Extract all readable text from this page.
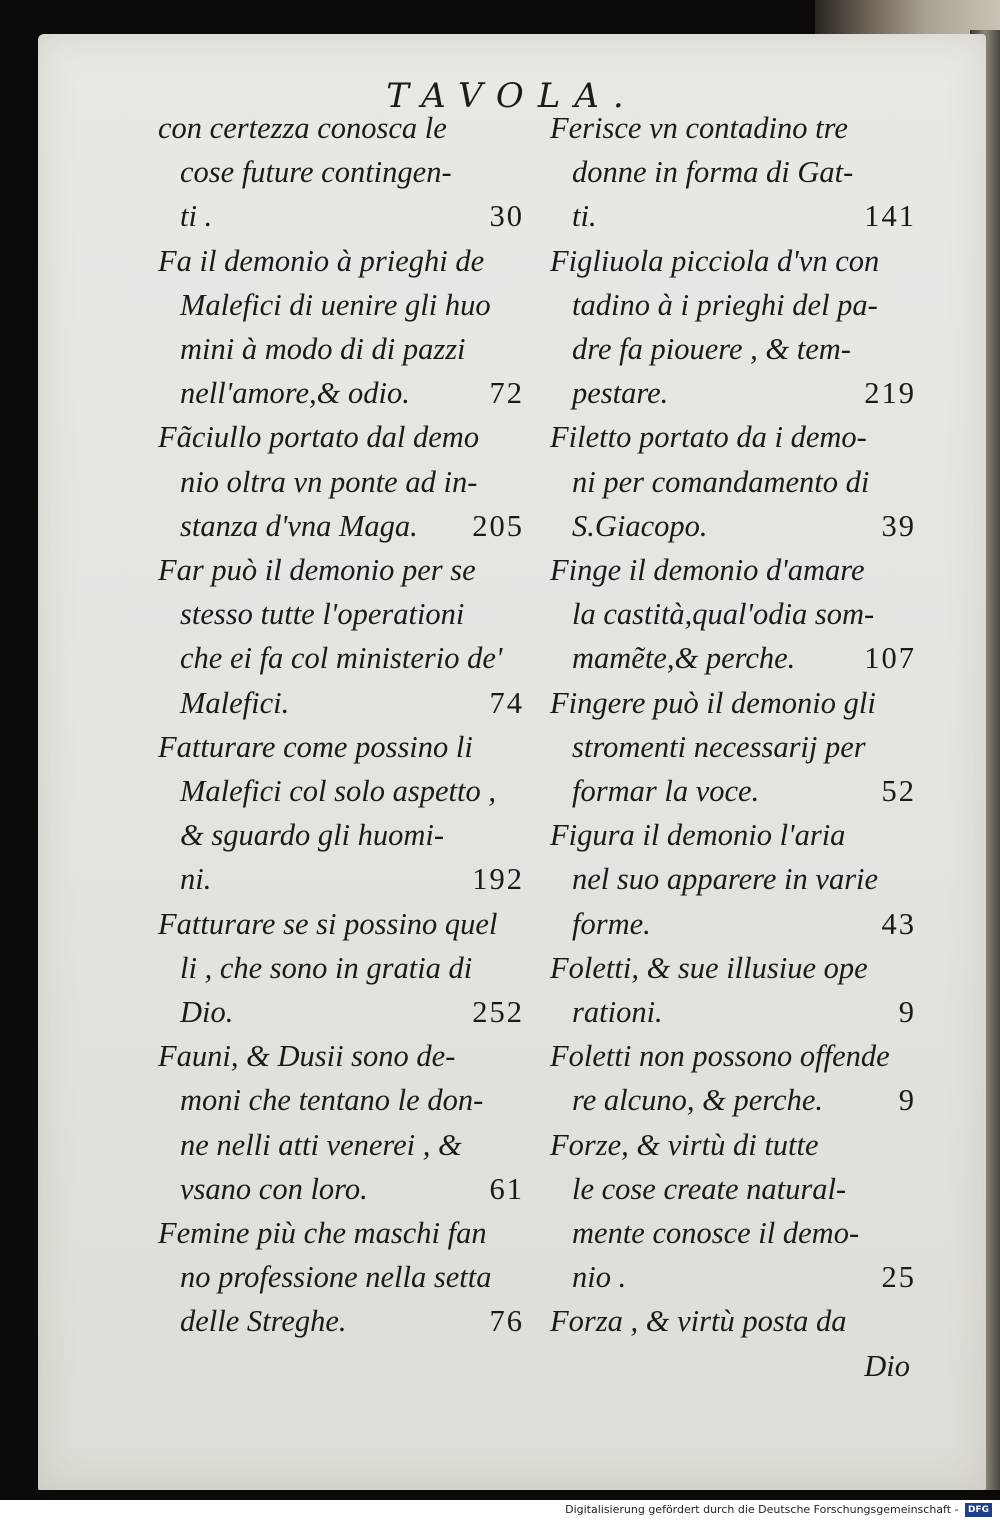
TAVOLA.
con certezza conosca le
cose future contingen-
ti .	30
Fa il demonio à prieghi de
Malefici di uenire gli huo
mini à modo di di pazzi
nell'amore,& odio.	72
Fãciullo portato dal demo
nio oltra vn ponte ad in-
stanza d'vna Maga. 205
Far può il demonio per se
stesso tutte l'operationi
che ei fa col ministerio de'
Malefici.	74
Fatturare come possino li
Malefici col solo aspetto ,
& sguardo gli huomi-
ni.	192
Fatturare se si possino quel
li , che sono in gratia di
Dio.	252
Fauni, & Dusii sono de-
moni che tentano le don-
ne nelli atti venerei , &
vsano con loro.	61
Femine più che maschi fan
no professione nella setta
delle Streghe.	76
Ferisce vn contadino tre
donne in forma di Gat-
ti.	141
Figliuola picciola d'vn con
tadino à i prieghi del pa-
dre fa piouere , & tem-
pestare.	219
Filetto portato da i demo-
ni per comandamento di
S.Giacopo.	39
Finge il demonio d'amare
la castità,qual'odia som-
mamẽte,& perche. 107
Fingere può il demonio gli
stromenti necessarij per
formar la voce.	52
Figura il demonio l'aria
nel suo apparere in varie
forme.	43
Foletti, & sue illusiue ope
rationi.	9
Foletti non possono offende
re alcuno, & perche. 9
Forze, & virtù di tutte
le cose create natural-
mente conosce il demo-
nio .	25
Forza , & virtù posta da
Dio
Digitalisierung gefördert durch die Deutsche Forschungsgemeinschaft - DFG
